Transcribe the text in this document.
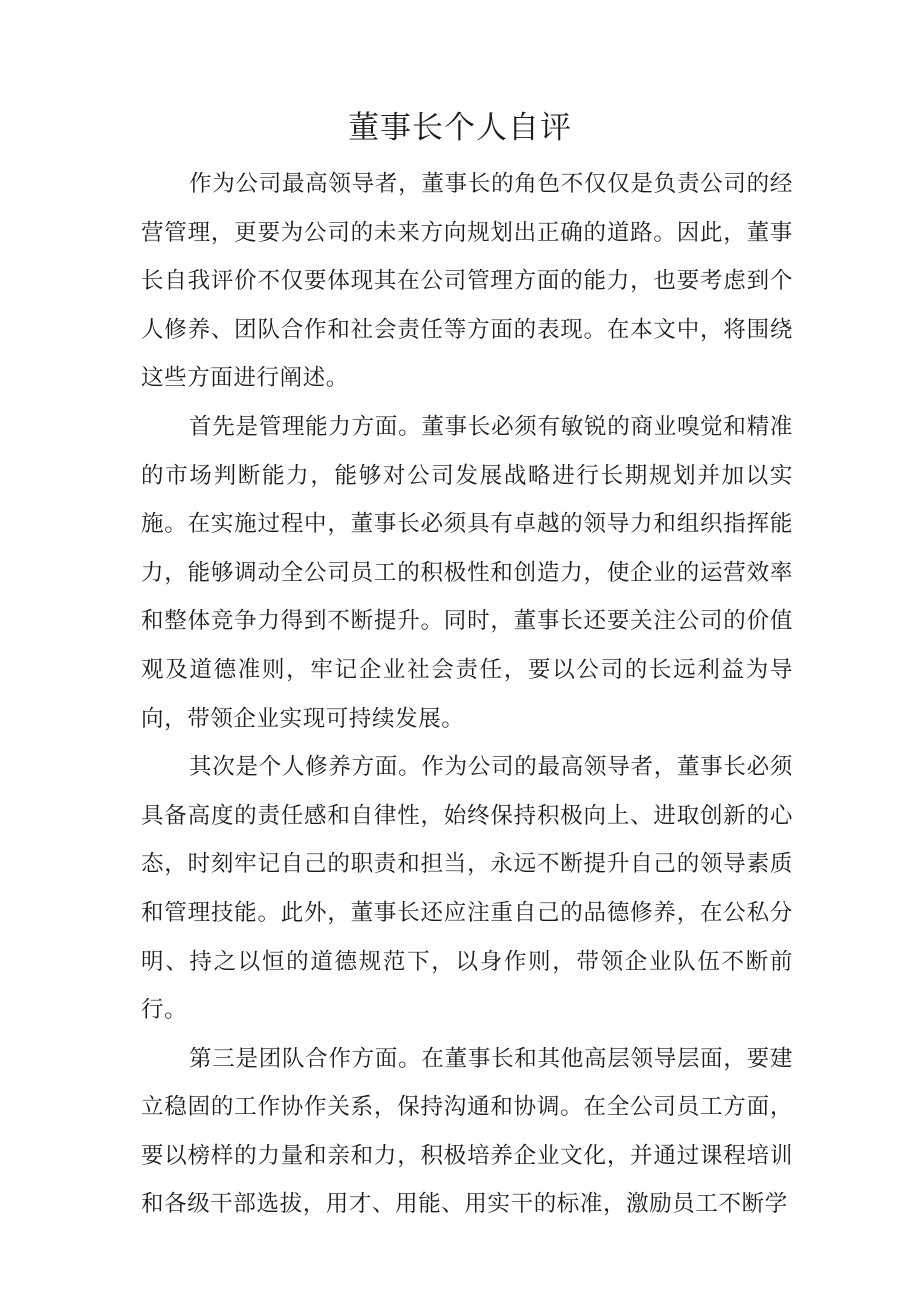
董事长个人自评

作为公司最高领导者，董事长的角色不仅仅是负责公司的经营管理，更要为公司的未来方向规划出正确的道路。因此，董事长自我评价不仅要体现其在公司管理方面的能力，也要考虑到个人修养、团队合作和社会责任等方面的表现。在本文中，将围绕这些方面进行阐述。

首先是管理能力方面。董事长必须有敏锐的商业嗅觉和精准的市场判断能力，能够对公司发展战略进行长期规划并加以实施。在实施过程中，董事长必须具有卓越的领导力和组织指挥能力，能够调动全公司员工的积极性和创造力，使企业的运营效率和整体竞争力得到不断提升。同时，董事长还要关注公司的价值观及道德准则，牢记企业社会责任，要以公司的长远利益为导向，带领企业实现可持续发展。

其次是个人修养方面。作为公司的最高领导者，董事长必须具备高度的责任感和自律性，始终保持积极向上、进取创新的心态，时刻牢记自己的职责和担当，永远不断提升自己的领导素质和管理技能。此外，董事长还应注重自己的品德修养，在公私分明、持之以恒的道德规范下，以身作则，带领企业队伍不断前行。

第三是团队合作方面。在董事长和其他高层领导层面，要建立稳固的工作协作关系，保持沟通和协调。在全公司员工方面，要以榜样的力量和亲和力，积极培养企业文化，并通过课程培训和各级干部选拔，用才、用能、用实干的标准，激励员工不断学
